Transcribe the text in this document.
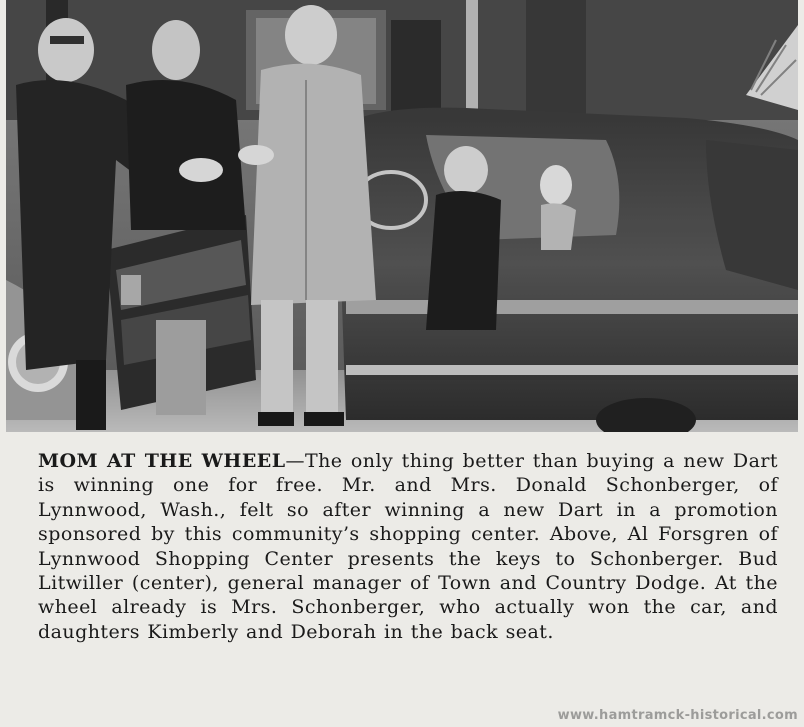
MOM AT THE WHEEL—The only thing better than buying a new Dart is winning one for free. Mr. and Mrs. Donald Schonberger, of Lynnwood, Wash., felt so after winning a new Dart in a promotion sponsored by this community’s shopping center. Above, Al Forsgren of Lynnwood Shopping Center presents the keys to Schonberger. Bud Litwiller (center), general manager of Town and Country Dodge. At the wheel already is Mrs. Schonberger, who actually won the car, and daughters Kimberly and Deborah in the back seat.
www.hamtramck-historical.com
